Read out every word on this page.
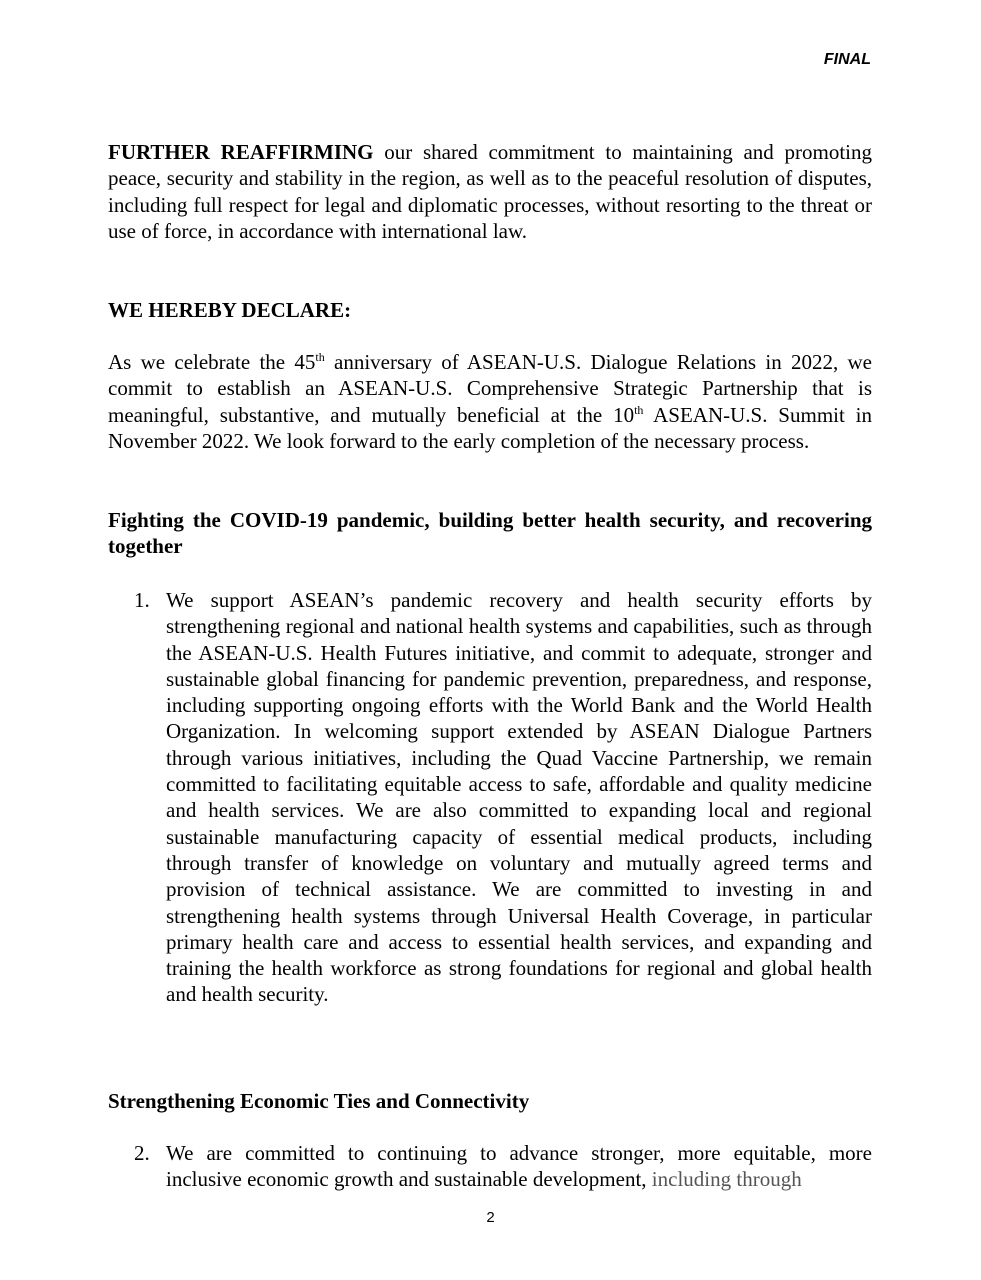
FINAL
FURTHER REAFFIRMING our shared commitment to maintaining and promoting peace, security and stability in the region, as well as to the peaceful resolution of disputes, including full respect for legal and diplomatic processes, without resorting to the threat or use of force, in accordance with international law.
WE HEREBY DECLARE:
As we celebrate the 45th anniversary of ASEAN-U.S. Dialogue Relations in 2022, we commit to establish an ASEAN-U.S. Comprehensive Strategic Partnership that is meaningful, substantive, and mutually beneficial at the 10th ASEAN-U.S. Summit in November 2022. We look forward to the early completion of the necessary process.
Fighting the COVID-19 pandemic, building better health security, and recovering together
1. We support ASEAN’s pandemic recovery and health security efforts by strengthening regional and national health systems and capabilities, such as through the ASEAN-U.S. Health Futures initiative, and commit to adequate, stronger and sustainable global financing for pandemic prevention, preparedness, and response, including supporting ongoing efforts with the World Bank and the World Health Organization. In welcoming support extended by ASEAN Dialogue Partners through various initiatives, including the Quad Vaccine Partnership, we remain committed to facilitating equitable access to safe, affordable and quality medicine and health services. We are also committed to expanding local and regional sustainable manufacturing capacity of essential medical products, including through transfer of knowledge on voluntary and mutually agreed terms and provision of technical assistance. We are committed to investing in and strengthening health systems through Universal Health Coverage, in particular primary health care and access to essential health services, and expanding and training the health workforce as strong foundations for regional and global health and health security.
Strengthening Economic Ties and Connectivity
2. We are committed to continuing to advance stronger, more equitable, more inclusive economic growth and sustainable development, including through
2
